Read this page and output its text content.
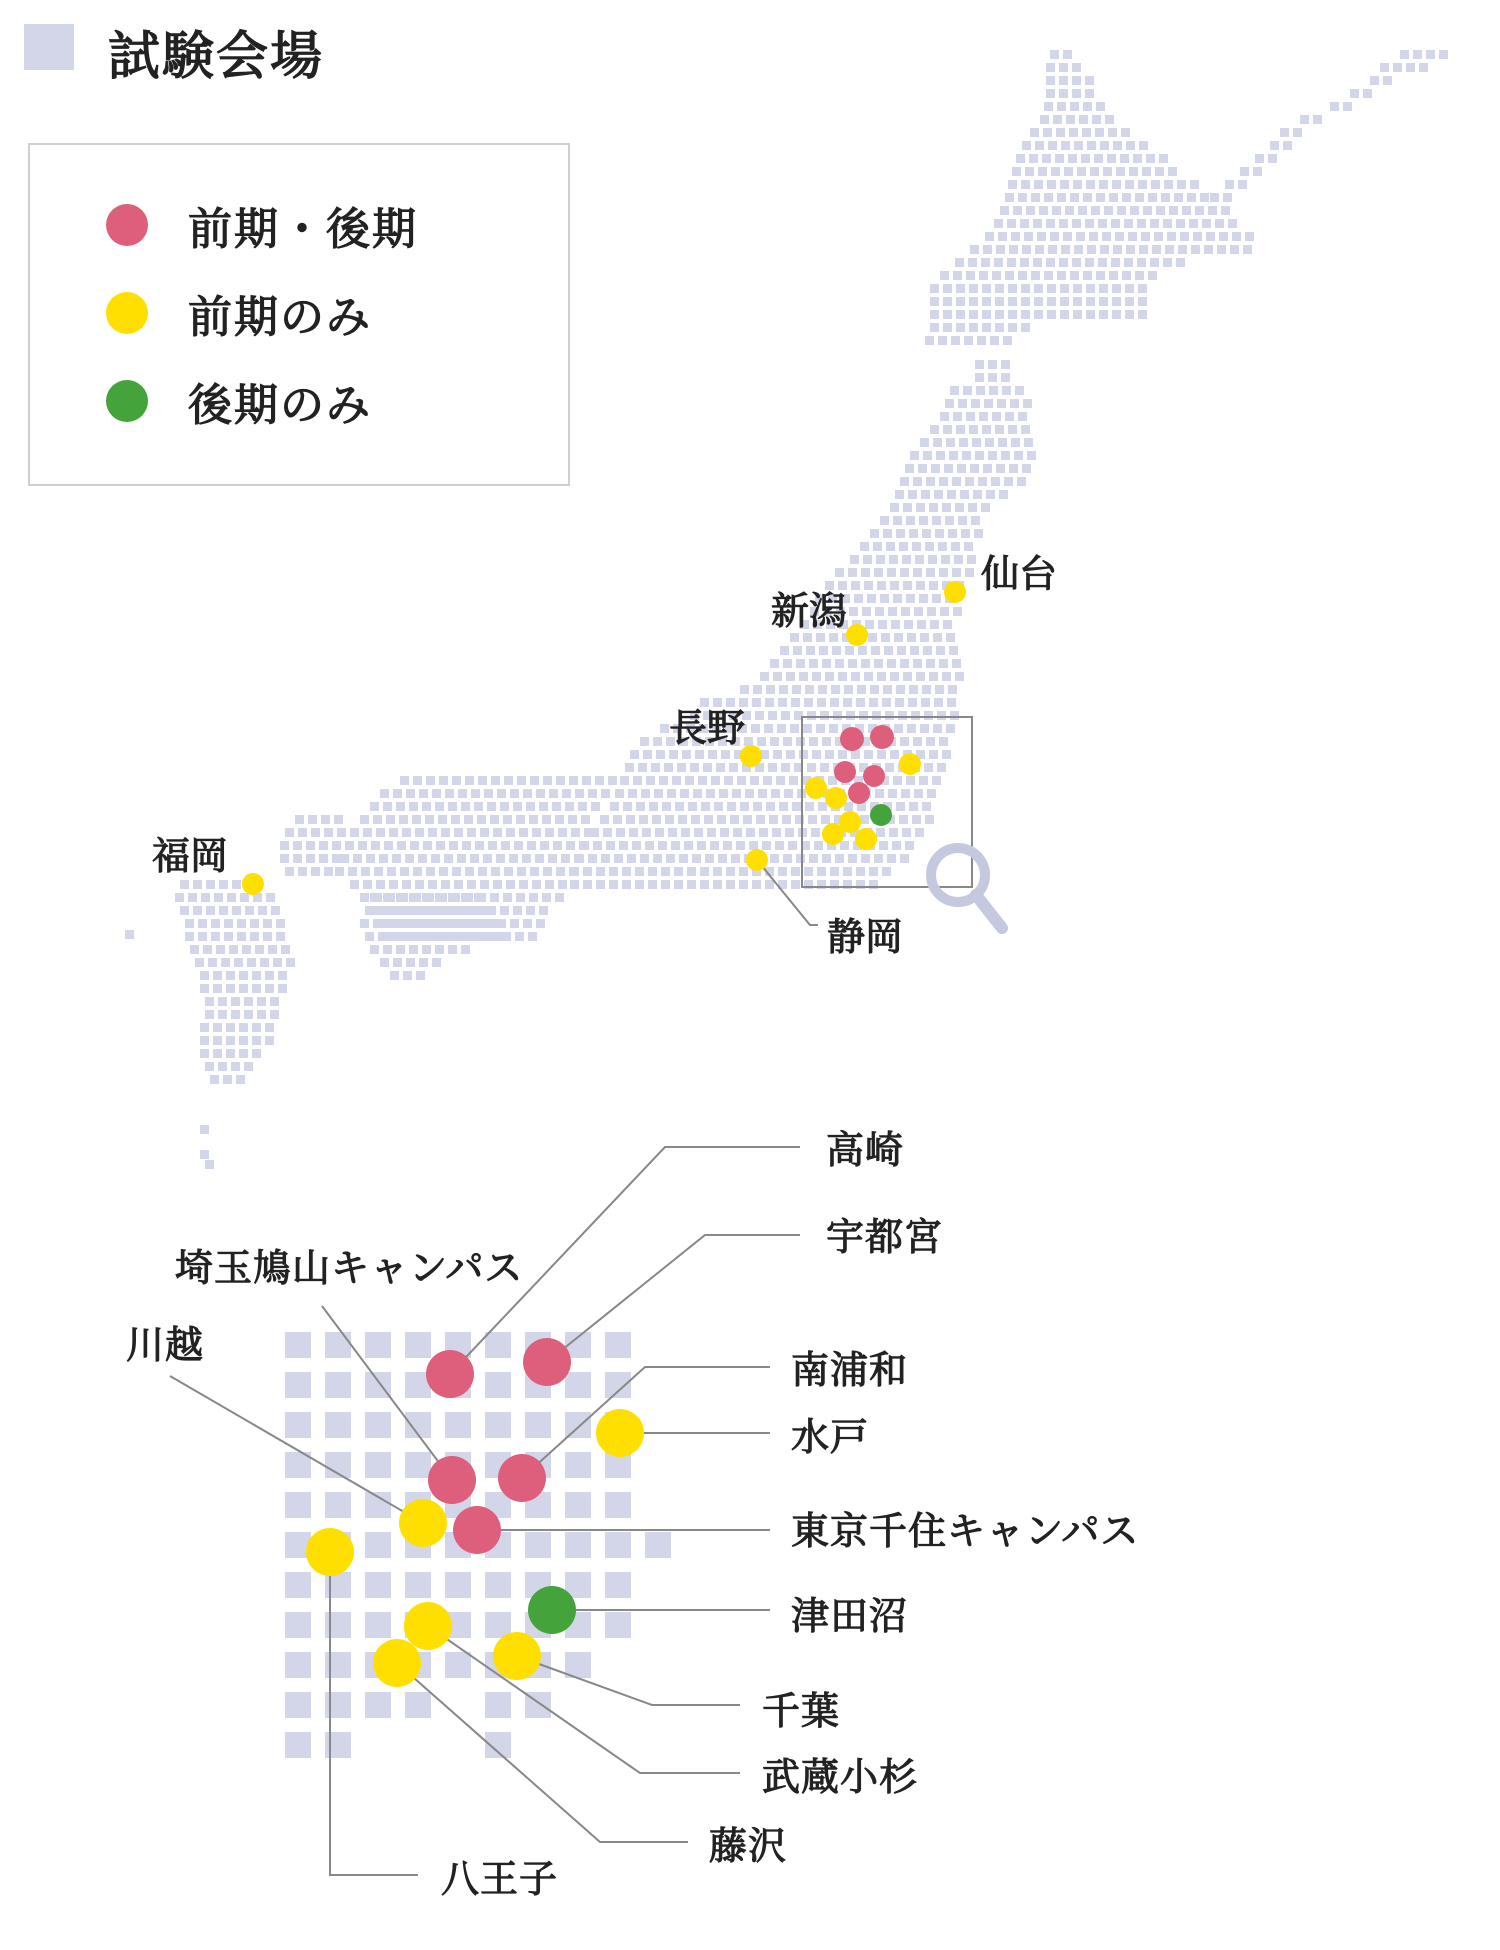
試験会場
前期・後期
前期のみ
後期のみ
仙台
新潟
長野
福岡
静岡
高崎
宇都宮
埼玉鳩山キャンパス
川越
南浦和
水戸
東京千住キャンパス
津田沼
千葉
武蔵小杉
藤沢
八王子
